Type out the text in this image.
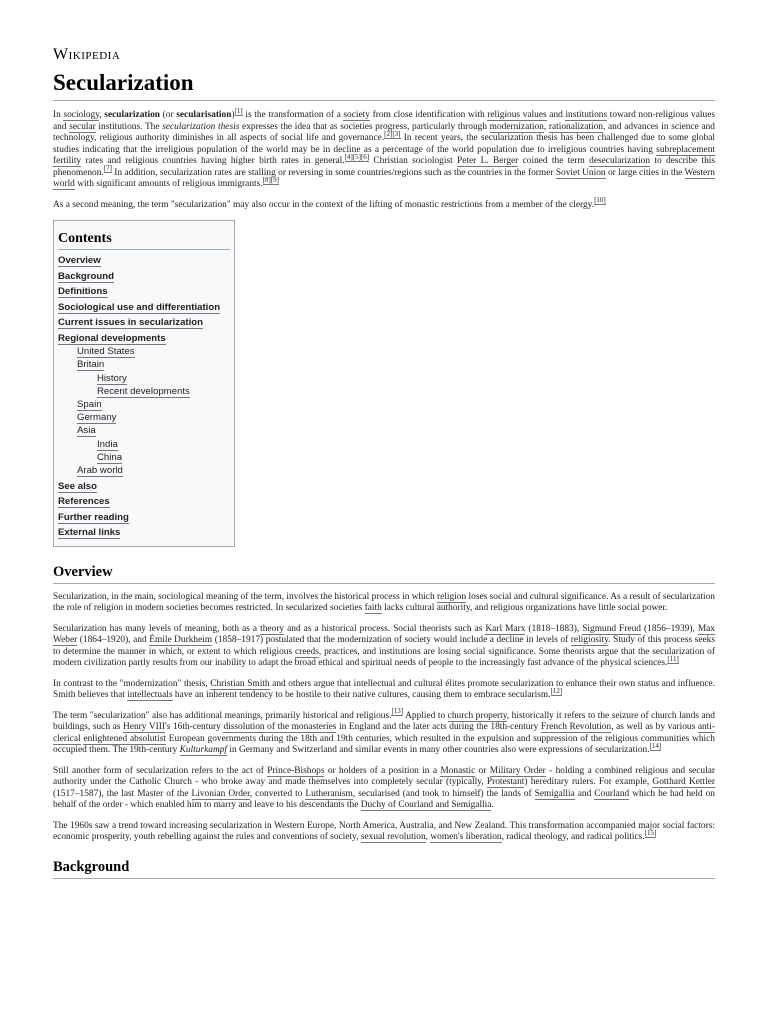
Wikipedia
Secularization

In sociology, secularization (or secularisation)[1] is the transformation of a society from close identification with religious values and institutions toward non-religious values and secular institutions. The secularization thesis expresses the idea that as societies progress, particularly through modernization, rationalization, and advances in science and technology, religious authority diminishes in all aspects of social life and governance.[2][3] In recent years, the secularization thesis has been challenged due to some global studies indicating that the irreligious population of the world may be in decline as a percentage of the world population due to irreligious countries having subreplacement fertility rates and religious countries having higher birth rates in general.[4][5][6] Christian sociologist Peter L. Berger coined the term desecularization to describe this phenomenon.[7] In addition, secularization rates are stalling or reversing in some countries/regions such as the countries in the former Soviet Union or large cities in the Western world with significant amounts of religious immigrants.[8][9]

As a second meaning, the term "secularization" may also occur in the context of the lifting of monastic restrictions from a member of the clergy.[10]

Contents
Overview
Background
Definitions
Sociological use and differentiation
Current issues in secularization
Regional developments
United States
Britain
History
Recent developments
Spain
Germany
Asia
India
China
Arab world
See also
References
Further reading
External links
Overview

Secularization, in the main, sociological meaning of the term, involves the historical process in which religion loses social and cultural significance. As a result of secularization the role of religion in modern societies becomes restricted. In secularized societies faith lacks cultural authority, and religious organizations have little social power.

Secularization has many levels of meaning, both as a theory and as a historical process. Social theorists such as Karl Marx (1818–1883), Sigmund Freud (1856–1939), Max Weber (1864–1920), and Émile Durkheim (1858–1917) postulated that the modernization of society would include a decline in levels of religiosity. Study of this process seeks to determine the manner in which, or extent to which religious creeds, practices, and institutions are losing social significance. Some theorists argue that the secularization of modern civilization partly results from our inability to adapt the broad ethical and spiritual needs of people to the increasingly fast advance of the physical sciences.[11]

In contrast to the "modernization" thesis, Christian Smith and others argue that intellectual and cultural élites promote secularization to enhance their own status and influence. Smith believes that intellectuals have an inherent tendency to be hostile to their native cultures, causing them to embrace secularism.[12]

The term "secularization" also has additional meanings, primarily historical and religious.[13] Applied to church property, historically it refers to the seizure of church lands and buildings, such as Henry VIII's 16th-century dissolution of the monasteries in England and the later acts during the 18th-century French Revolution, as well as by various anti-clerical enlightened absolutist European governments during the 18th and 19th centuries, which resulted in the expulsion and suppression of the religious communities which occupied them. The 19th-century Kulturkampf in Germany and Switzerland and similar events in many other countries also were expressions of secularization.[14]

Still another form of secularization refers to the act of Prince-Bishops or holders of a position in a Monastic or Military Order - holding a combined religious and secular authority under the Catholic Church - who broke away and made themselves into completely secular (typically, Protestant) hereditary rulers. For example, Gotthard Kettler (1517–1587), the last Master of the Livonian Order, converted to Lutheranism, secularised (and took to himself) the lands of Semigallia and Courland which he had held on behalf of the order - which enabled him to marry and leave to his descendants the Duchy of Courland and Semigallia.

The 1960s saw a trend toward increasing secularization in Western Europe, North America, Australia, and New Zealand. This transformation accompanied major social factors: economic prosperity, youth rebelling against the rules and conventions of society, sexual revolution, women's liberation, radical theology, and radical politics.[15]

Background
